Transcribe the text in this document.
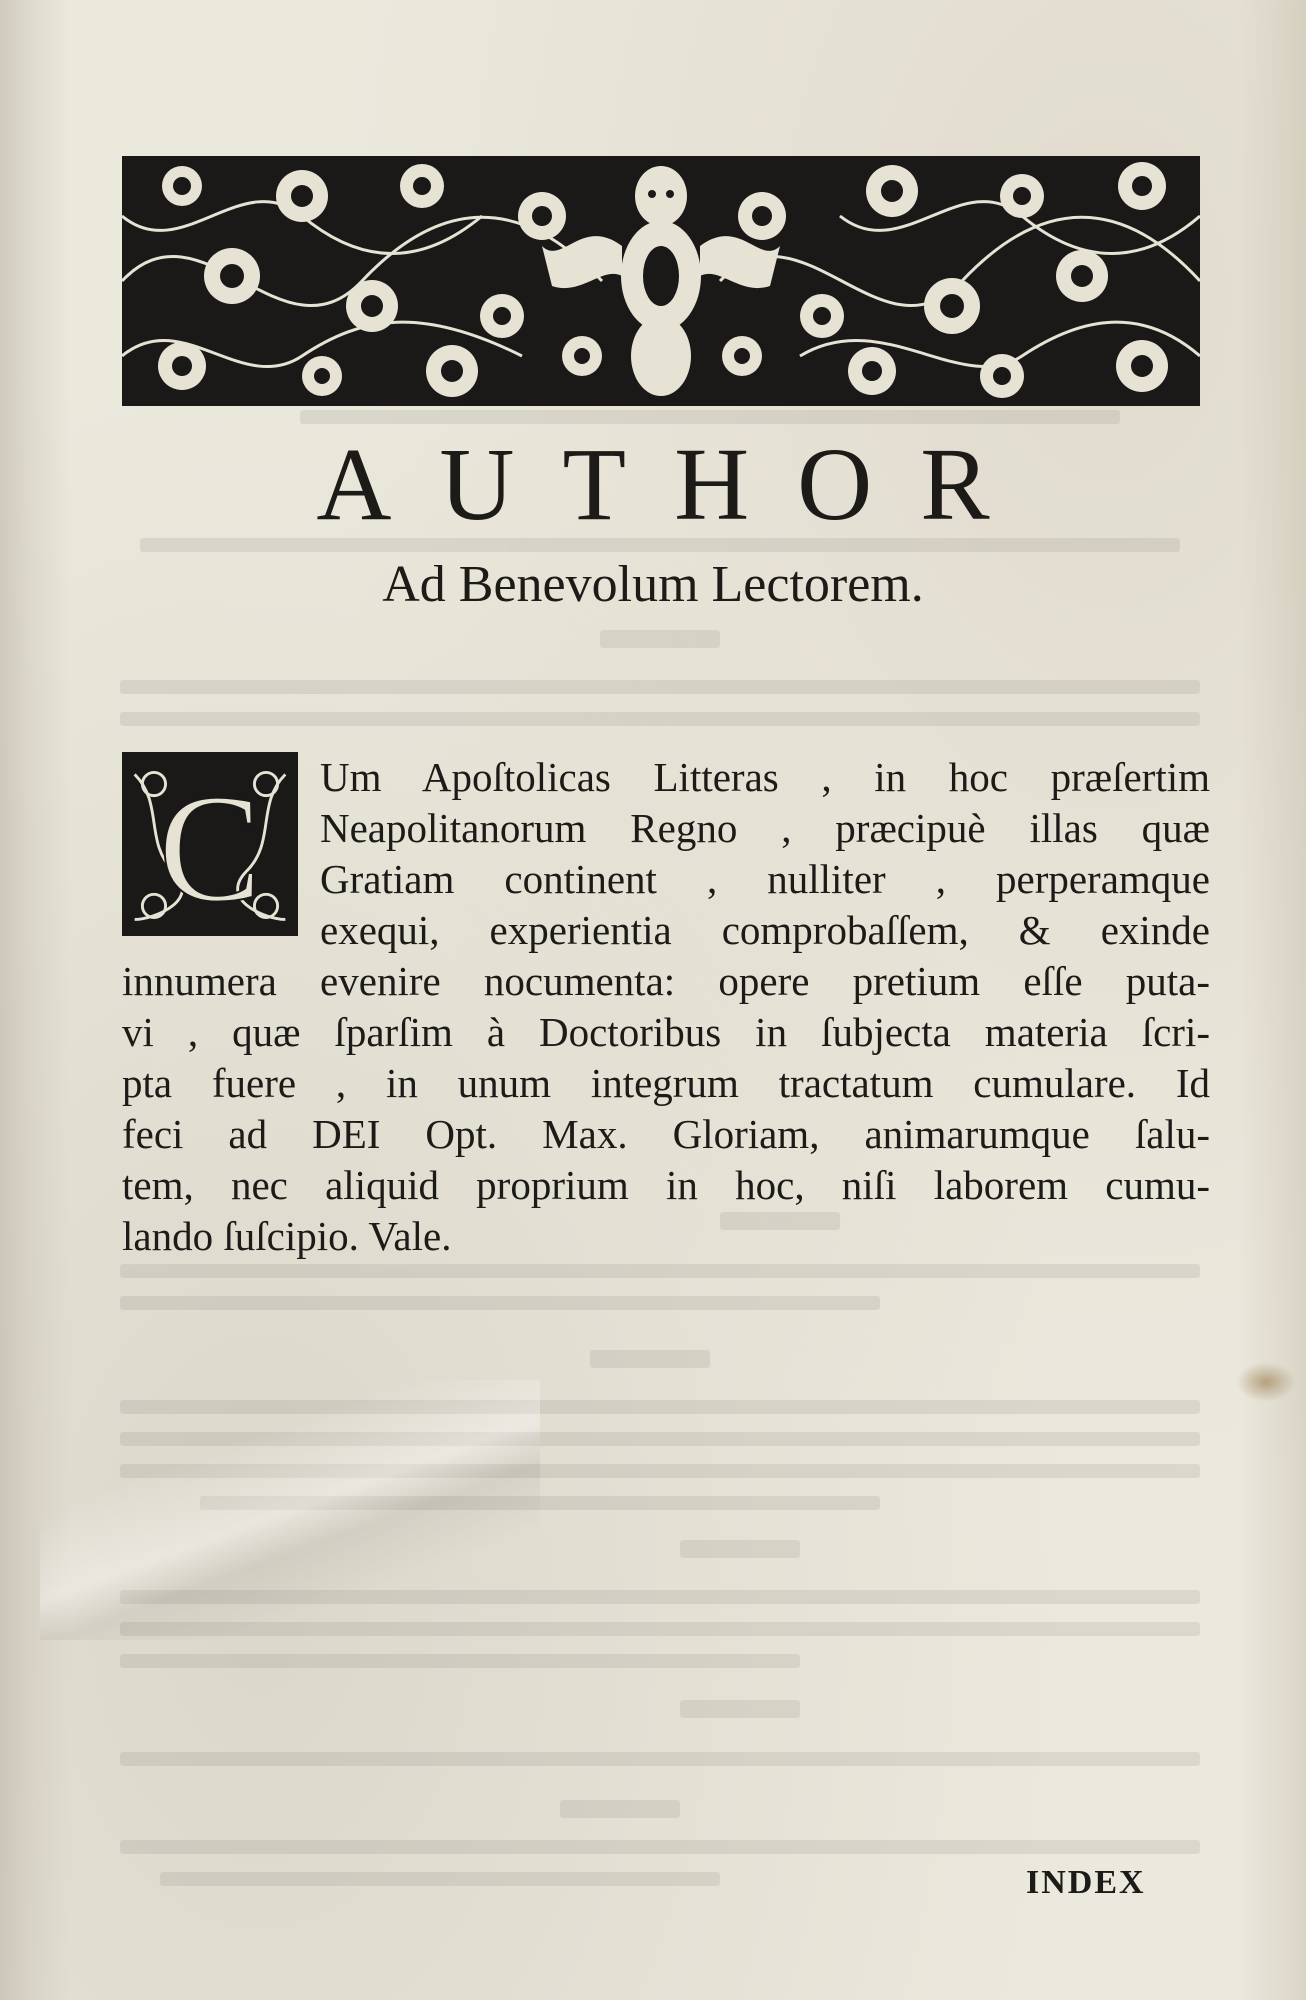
AUTHOR
Ad Benevolum Lectorem.
C Um Apoſtolicas Litteras , in hoc præſertim
Neapolitanorum Regno , præcipuè illas quæ
Gratiam continent , nulliter , perperamque
exequi, experientia comprobaſſem, & exinde
innumera evenire nocumenta: opere pretium eſſe puta-
vi , quæ ſparſim à Doctoribus in ſubjecta materia ſcri-
pta fuere , in unum integrum tractatum cumulare. Id
feci ad DEI Opt. Max. Gloriam, animarumque ſalu-
tem, nec aliquid proprium in hoc, niſi laborem cumu-
lando ſuſcipio. Vale.
INDEX
